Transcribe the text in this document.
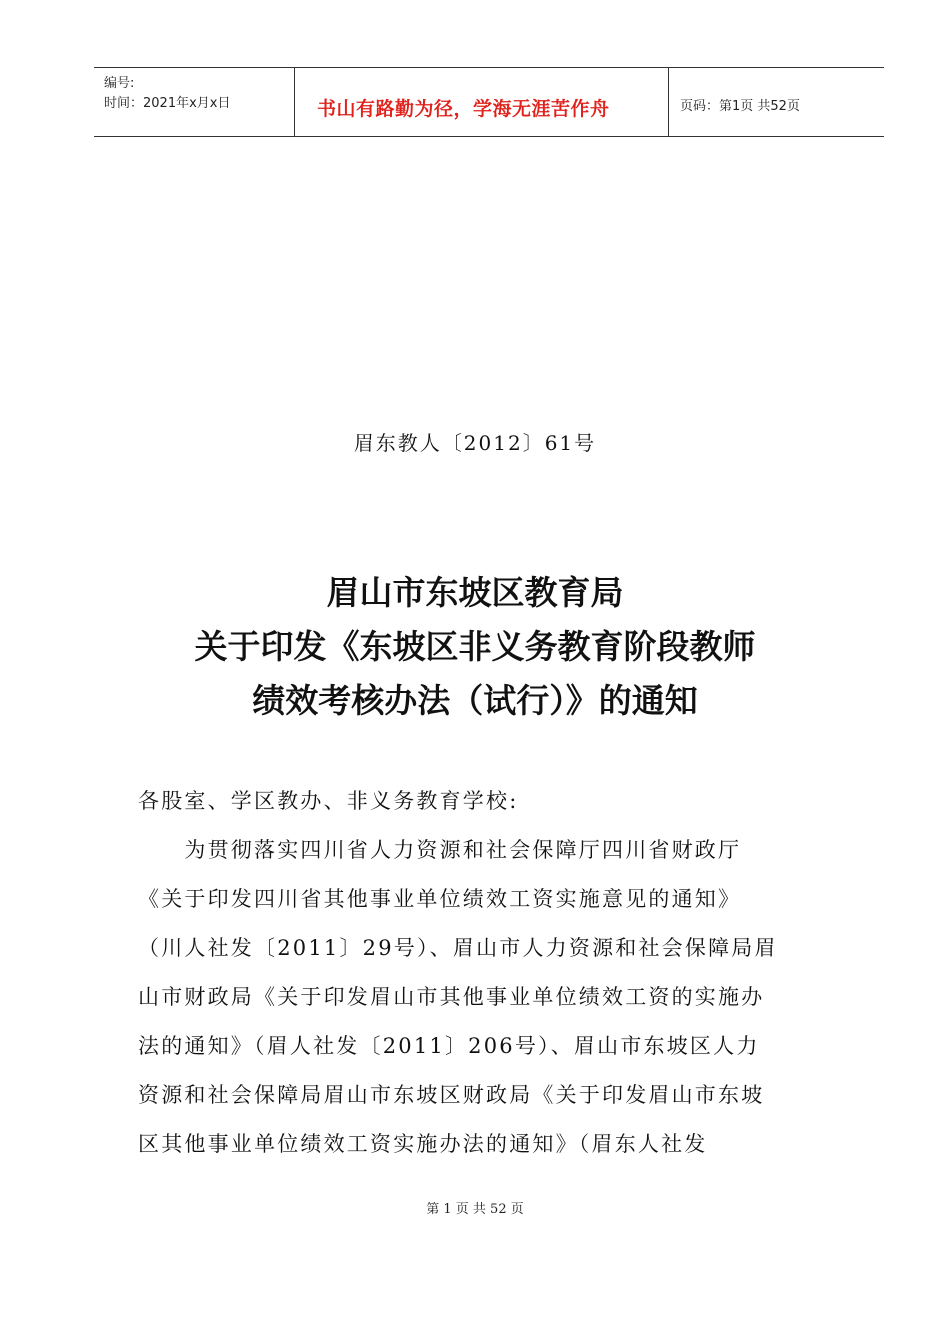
编号:
时间：2021年x月x日	书山有路勤为径，学海无涯苦作舟	页码：第1页 共52页
眉东教人〔2012〕61号
眉山市东坡区教育局
关于印发《东坡区非义务教育阶段教师
绩效考核办法（试行）》的通知
各股室、学区教办、非义务教育学校:
　　为贯彻落实四川省人力资源和社会保障厅四川省财政厅
《关于印发四川省其他事业单位绩效工资实施意见的通知》
（川人社发〔2011〕29号）、眉山市人力资源和社会保障局眉
山市财政局《关于印发眉山市其他事业单位绩效工资的实施办
法的通知》（眉人社发〔2011〕206号）、眉山市东坡区人力
资源和社会保障局眉山市东坡区财政局《关于印发眉山市东坡
区其他事业单位绩效工资实施办法的通知》（眉东人社发
第 1 页 共 52 页
